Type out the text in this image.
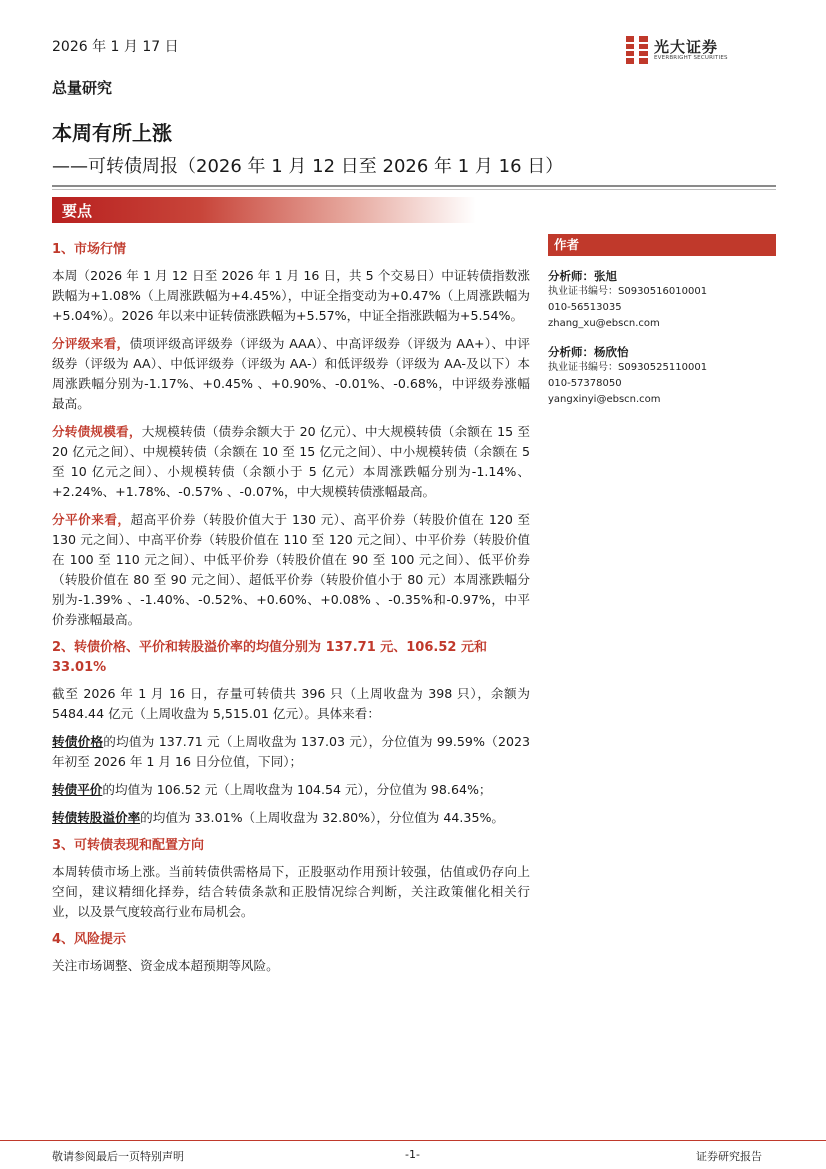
2026 年 1 月 17 日	光大证券
EVERBRIGHT SECURITIES
总量研究
本周有所上涨
——可转债周报（2026 年 1 月 12 日至 2026 年 1 月 16 日）
要点
1、市场行情

本周（2026 年 1 月 12 日至 2026 年 1 月 16 日，共 5 个交易日）中证转债指数涨跌幅为+1.08%（上周涨跌幅为+4.45%），中证全指变动为+0.47%（上周涨跌幅为+5.04%）。2026 年以来中证转债涨跌幅为+5.57%，中证全指涨跌幅为+5.54%。

分评级来看，债项评级高评级券（评级为 AAA）、中高评级券（评级为 AA+）、中评级券（评级为 AA）、中低评级券（评级为 AA-）和低评级券（评级为 AA-及以下）本周涨跌幅分别为-1.17%、+0.45% 、+0.90%、-0.01%、-0.68%，中评级券涨幅最高。

分转债规模看，大规模转债（债券余额大于 20 亿元）、中大规模转债（余额在 15 至 20 亿元之间）、中规模转债（余额在 10 至 15 亿元之间）、中小规模转债（余额在 5 至 10 亿元之间）、小规模转债（余额小于 5 亿元）本周涨跌幅分别为-1.14%、+2.24%、+1.78%、-0.57% 、-0.07%，中大规模转债涨幅最高。

分平价来看，超高平价券（转股价值大于 130 元）、高平价券（转股价值在 120 至 130 元之间）、中高平价券（转股价值在 110 至 120 元之间）、中平价券（转股价值在 100 至 110 元之间）、中低平价券（转股价值在 90 至 100 元之间）、低平价券（转股价值在 80 至 90 元之间）、超低平价券（转股价值小于 80 元）本周涨跌幅分别为-1.39% 、-1.40%、-0.52%、+0.60%、+0.08% 、-0.35%和-0.97%，中平价券涨幅最高。

2、转债价格、平价和转股溢价率的均值分别为 137.71 元、106.52 元和 33.01%

截至 2026 年 1 月 16 日，存量可转债共 396 只（上周收盘为 398 只），余额为 5484.44 亿元（上周收盘为 5,515.01 亿元）。具体来看：

转债价格的均值为 137.71 元（上周收盘为 137.03 元），分位值为 99.59%（2023 年初至 2026 年 1 月 16 日分位值，下同）；

转债平价的均值为 106.52 元（上周收盘为 104.54 元），分位值为 98.64%；

转债转股溢价率的均值为 33.01%（上周收盘为 32.80%），分位值为 44.35%。

3、可转债表现和配置方向

本周转债市场上涨。当前转债供需格局下，正股驱动作用预计较强，估值或仍存向上空间，建议精细化择券，结合转债条款和正股情况综合判断，关注政策催化相关行业，以及景气度较高行业布局机会。

4、风险提示

关注市场调整、资金成本超预期等风险。

作者
分析师：张旭
执业证书编号：S0930516010001
010-56513035
zhang_xu@ebscn.com
分析师：杨欣怡
执业证书编号：S0930525110001
010-57378050
yangxinyi@ebscn.com
敬请参阅最后一页特别声明	-1-	证券研究报告
